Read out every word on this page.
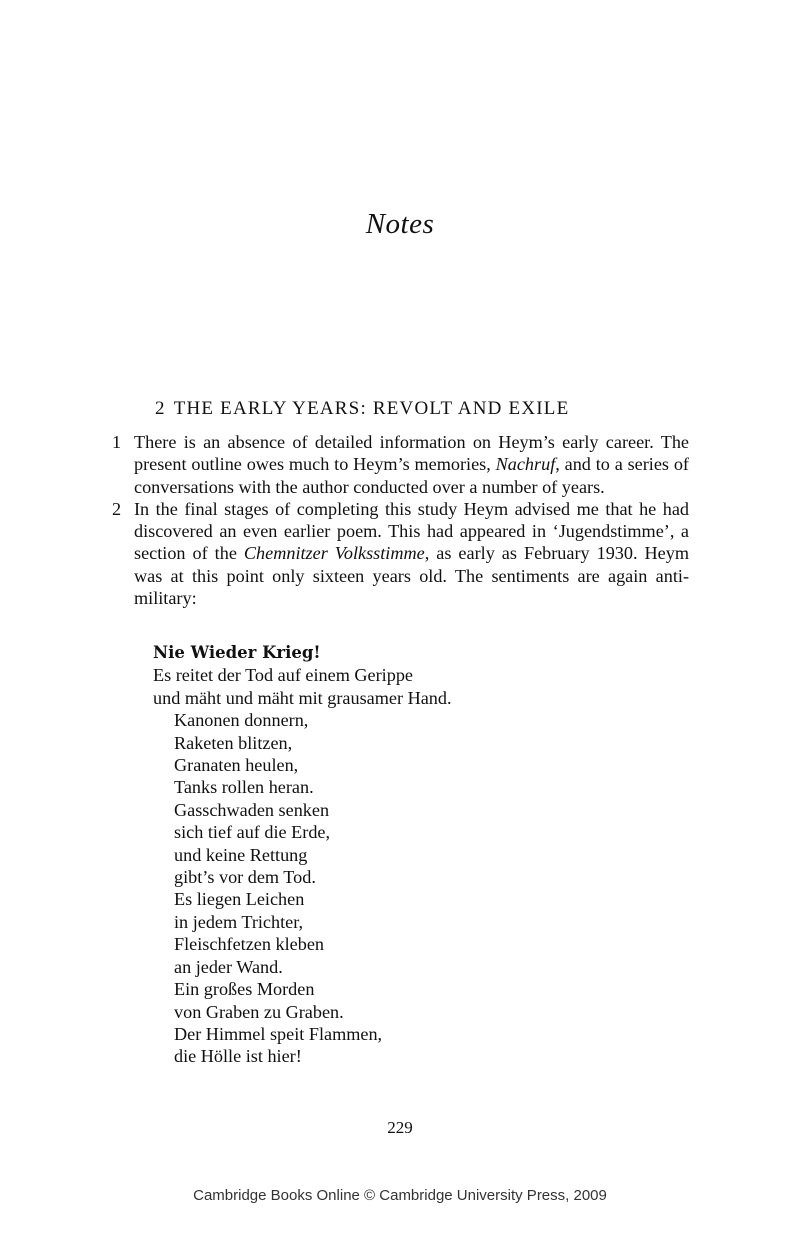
Notes
2 THE EARLY YEARS: REVOLT AND EXILE
1 There is an absence of detailed information on Heym’s early career. The present outline owes much to Heym’s memories, Nachruf, and to a series of conversations with the author conducted over a number of years.
2 In the final stages of completing this study Heym advised me that he had discovered an even earlier poem. This had appeared in ‘Jugendstimme’, a section of the Chemnitzer Volksstimme, as early as February 1930. Heym was at this point only sixteen years old. The sentiments are again anti-military:
Nie Wieder Krieg!
Es reitet der Tod auf einem Gerippe
und mäht und mäht mit grausamer Hand.
Kanonen donnern,
Raketen blitzen,
Granaten heulen,
Tanks rollen heran.
Gasschwaden senken
sich tief auf die Erde,
und keine Rettung
gibt’s vor dem Tod.
Es liegen Leichen
in jedem Trichter,
Fleischfetzen kleben
an jeder Wand.
Ein großes Morden
von Graben zu Graben.
Der Himmel speit Flammen,
die Hölle ist hier!
229
Cambridge Books Online © Cambridge University Press, 2009
